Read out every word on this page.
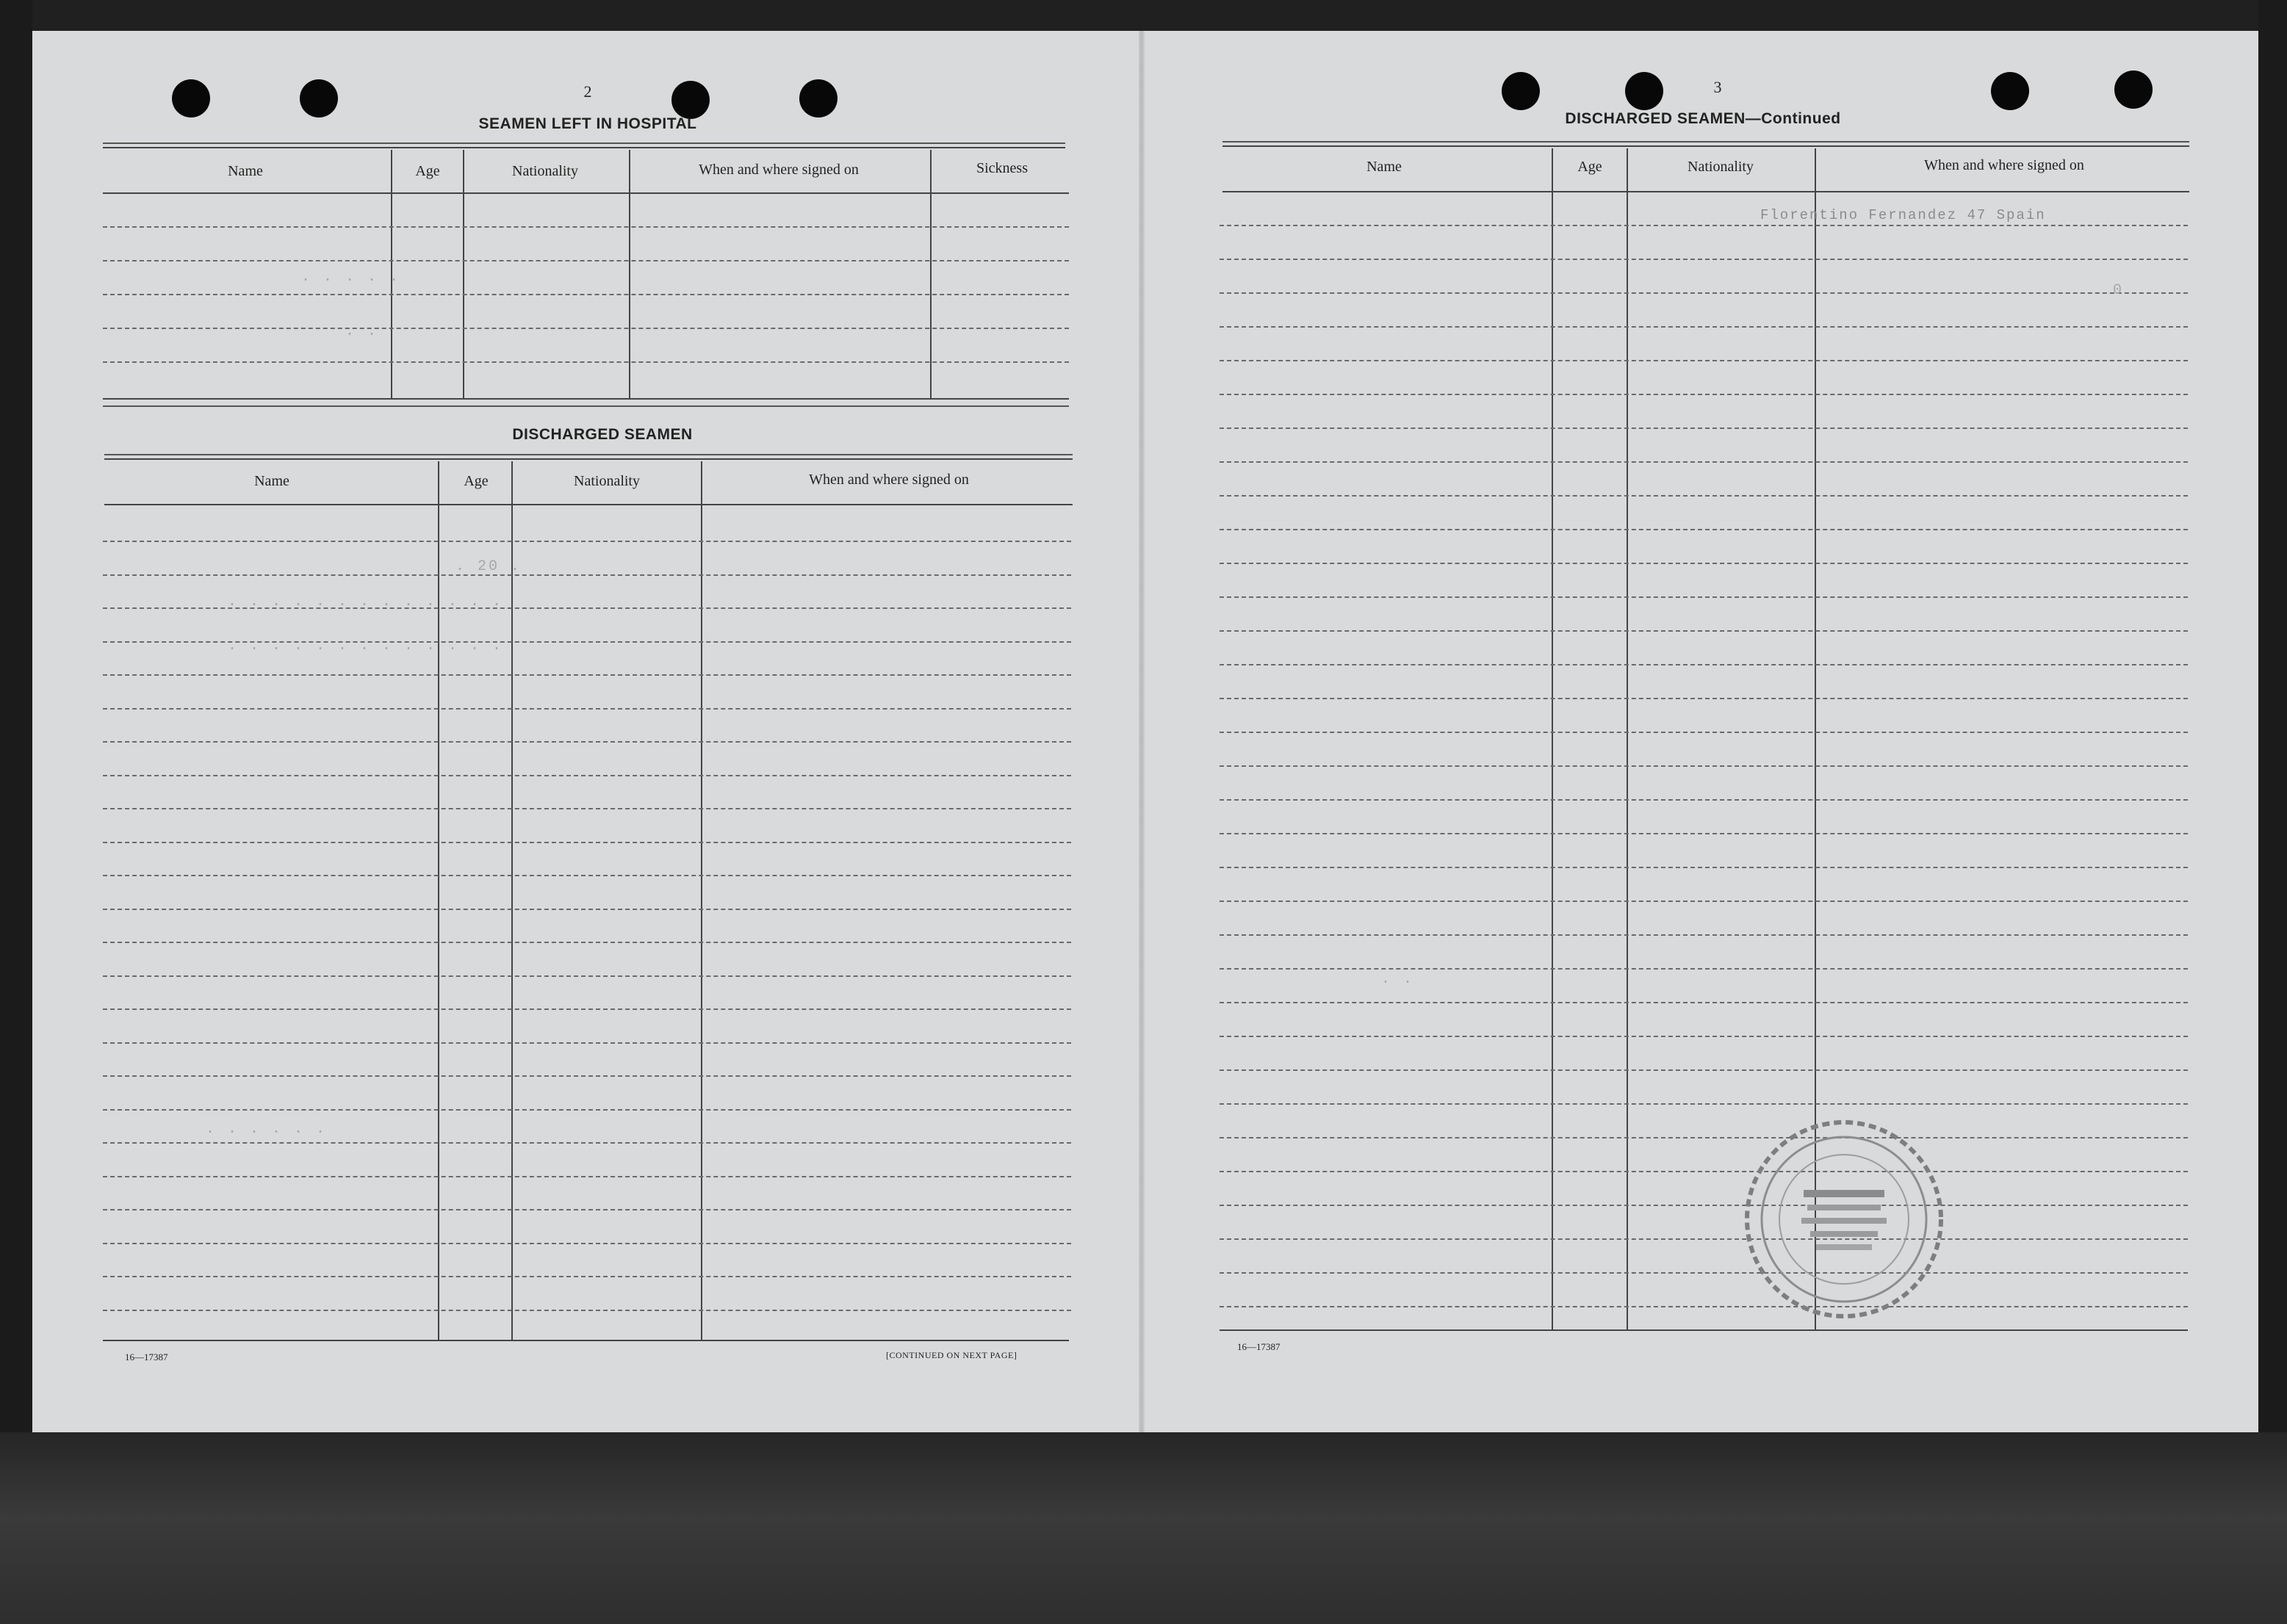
2
SEAMEN LEFT IN HOSPITAL
Name	Age	Nationality	When and where signed on	Sickness
DISCHARGED SEAMEN
Name	Age	Nationality	When and where signed on
16—17387	[CONTINUED ON NEXT PAGE]
· · · · ·
. .
. 20 .
· · · · · · · · · · · · ·
· · · · · · · · · · · · ·
· · · · · ·
3
DISCHARGED SEAMEN—Continued
Name	Age	Nationality	When and where signed on
16—17387
Florentino Fernandez 47 Spain
0
· ·
